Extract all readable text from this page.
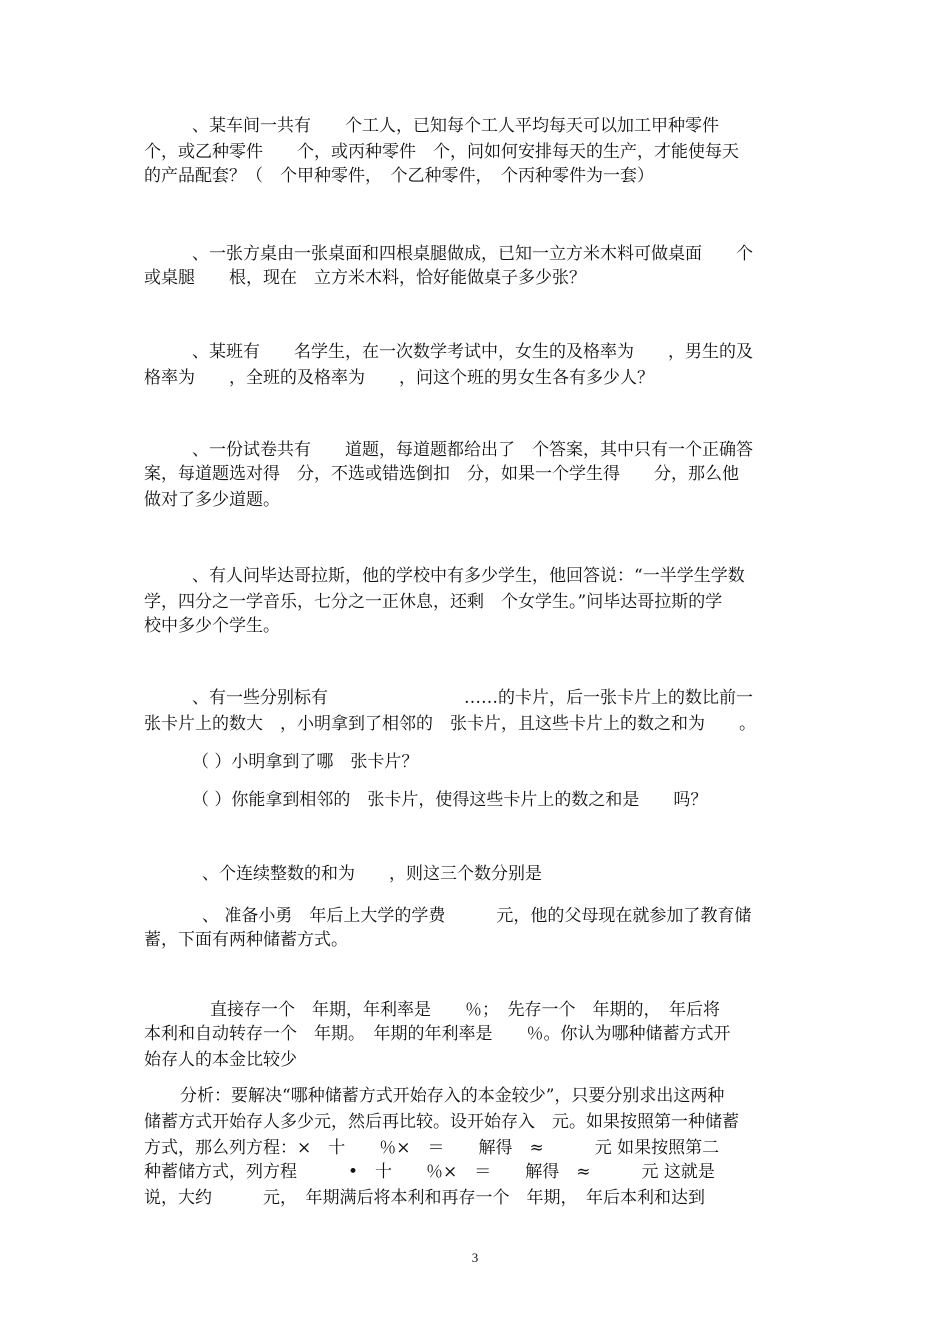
、某车间一共有　　个工人，已知每个工人平均每天可以加工甲种零件
个，或乙种零件　　个，或丙种零件　个，问如何安排每天的生产，才能使每天
的产品配套？（　个甲种零件，　个乙种零件，　个丙种零件为一套）
、一张方桌由一张桌面和四根桌腿做成，已知一立方米木料可做桌面　　个
或桌腿　　根，现在　立方米木料，恰好能做桌子多少张？
、某班有　　名学生，在一次数学考试中，女生的及格率为　　，男生的及
格率为　　，全班的及格率为　　，问这个班的男女生各有多少人？
、一份试卷共有　　道题，每道题都给出了　个答案，其中只有一个正确答
案，每道题选对得　分，不选或错选倒扣　分，如果一个学生得　　分，那么他
做对了多少道题。
、有人问毕达哥拉斯，他的学校中有多少学生，他回答说：“一半学生学数
学，四分之一学音乐，七分之一正休息，还剩　个女学生。”问毕达哥拉斯的学
校中多少个学生。
、有一些分别标有　　　　　　　　……的卡片，后一张卡片上的数比前一
张卡片上的数大　，小明拿到了相邻的　张卡片，且这些卡片上的数之和为　　。
（ ）小明拿到了哪　张卡片？
（ ）你能拿到相邻的　张卡片，使得这些卡片上的数之和是　　吗？
、个连续整数的和为　　，则这三个数分别是
、 准备小勇　年后上大学的学费　　　元，他的父母现在就参加了教育储
蓄，下面有两种储蓄方式。
直接存一个　年期，年利率是　　％；　先存一个　年期的，　年后将
本利和自动转存一个　年期。　年期的年利率是　　％。你认为哪种储蓄方式开
始存人的本金比较少
分析：要解决“哪种储蓄方式开始存入的本金较少”，只要分别求出这两种
储蓄方式开始存人多少元，然后再比较。设开始存入　元。如果按照第一种储蓄
方式，那么列方程：×　十　　％×　＝　　解得　≈　　　元 如果按照第二
种蓄储方式，列方程　　　•　十　　％×　＝　　解得　≈　　　元 这就是
说，大约　　　元，　年期满后将本利和再存一个　年期，　年后本利和达到
3
